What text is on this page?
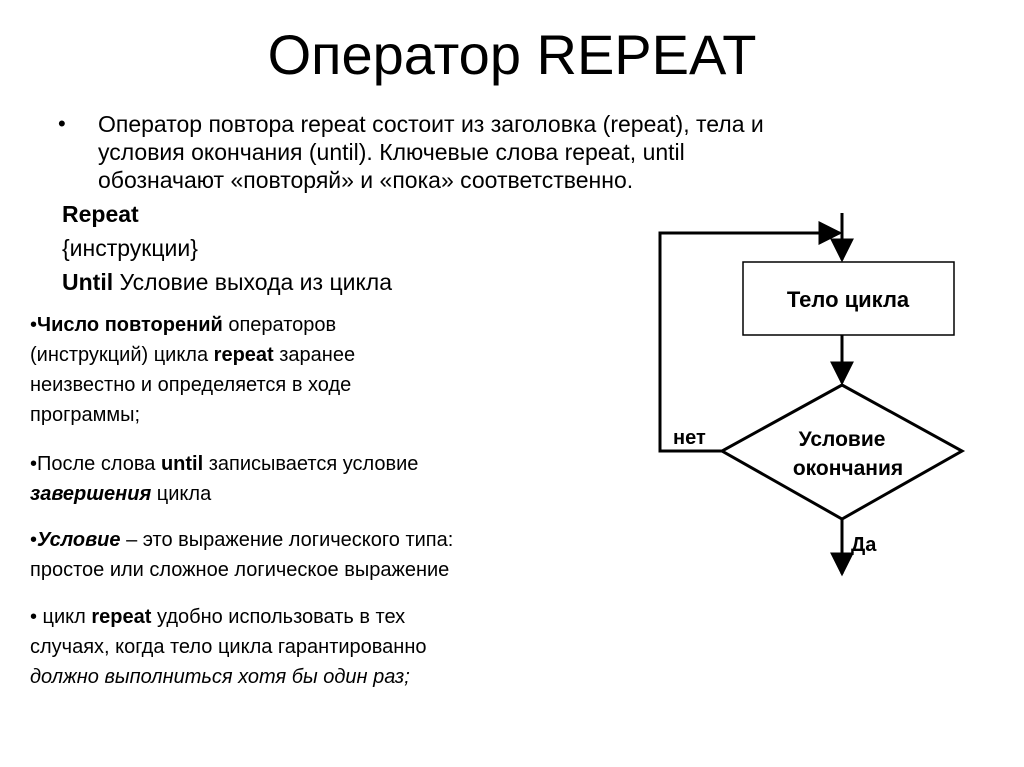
Оператор REPEAT
• Оператор повтора repeat состоит из заголовка (repeat), тела и
условия окончания (until). Ключевые слова repeat, until
обозначают «повторяй» и «пока» соответственно.
Repeat
{инструкции}
Until Условие выхода из цикла

•Число повторений операторов

(инструкций) цикла repeat заранее

неизвестно и определяется в ходе

программы;

•После слова until записывается условие

завершения цикла

•Условие – это выражение логического типа:

простое или сложное логическое выражение

• цикл repeat удобно использовать в тех

случаях, когда тело цикла гарантированно

должно выполниться хотя бы один раз;

Тело цикла
Условие
окончания
нет
Да
